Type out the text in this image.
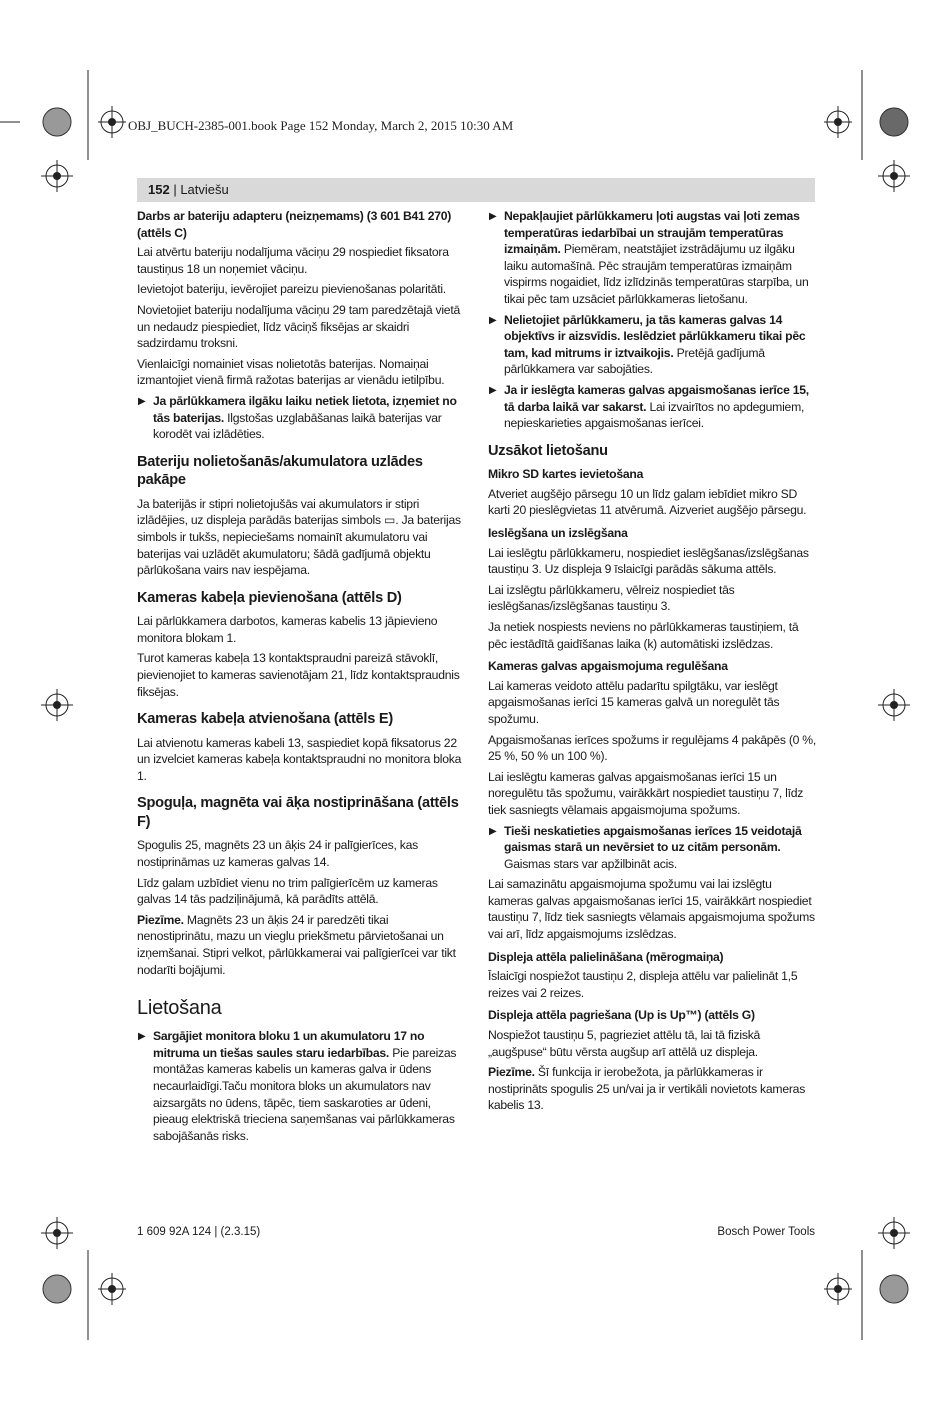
OBJ_BUCH-2385-001.book Page 152 Monday, March 2, 2015 10:30 AM
152 | Latviešu
Darbs ar bateriju adapteru (neizņemams) (3 601 B41 270) (attēls C)

Lai atvērtu bateriju nodalījuma vāciņu 29 nospiediet fiksatora taustiņus 18 un noņemiet vāciņu.

Ievietojot bateriju, ievērojiet pareizu pievienošanas polaritāti.

Novietojiet bateriju nodalījuma vāciņu 29 tam paredzētajā vietā un nedaudz piespiediet, līdz vāciņš fiksējas ar skaidri sadzirdamu troksni.

Vienlaicīgi nomainiet visas nolietotās baterijas. Nomaiņai izmantojiet vienā firmā ražotas baterijas ar vienādu ietilpību.

▶ Ja pārlūkkamera ilgāku laiku netiek lietota, izņemiet no tās baterijas. Ilgstošas uzglabāšanas laikā baterijas var korodēt vai izlādēties.

Bateriju nolietošanās/akumulatora uzlādes pakāpe

Ja baterijās ir stipri nolietojušās vai akumulators ir stipri izlādējies, uz displeja parādās baterijas simbols ▭. Ja baterijas simbols ir tukšs, nepieciešams nomainīt akumulatoru vai baterijas vai uzlādēt akumulatoru; šādā gadījumā objektu pārlūkošana vairs nav iespējama.

Kameras kabeļa pievienošana (attēls D)

Lai pārlūkkamera darbotos, kameras kabelis 13 jāpievieno monitora blokam 1.

Turot kameras kabeļa 13 kontaktspraudni pareizā stāvoklī, pievienojiet to kameras savienotājam 21, līdz kontaktspraudnis fiksējas.

Kameras kabeļa atvienošana (attēls E)

Lai atvienotu kameras kabeli 13, saspiediet kopā fiksatorus 22 un izvelciet kameras kabeļa kontaktspraudni no monitora bloka 1.

Spoguļa, magnēta vai āķa nostiprināšana (attēls F)

Spogulis 25, magnēts 23 un āķis 24 ir palīgierīces, kas nostiprināmas uz kameras galvas 14.

Līdz galam uzbīdiet vienu no trim palīgierīcēm uz kameras galvas 14 tās padziļinājumā, kā parādīts attēlā.

Piezīme. Magnēts 23 un āķis 24 ir paredzēti tikai nenostiprinātu, mazu un vieglu priekšmetu pārvietošanai un izņemšanai. Stipri velkot, pārlūkkamerai vai palīgierīcei var tikt nodarīti bojājumi.

Lietošana

▶ Sargājiet monitora bloku 1 un akumulatoru 17 no mitruma un tiešas saules staru iedarbības. Pie pareizas montāžas kameras kabelis un kameras galva ir ūdens necaurlaidīgi.Taču monitora bloks un akumulators nav aizsargāts no ūdens, tāpēc, tiem saskaroties ar ūdeni, pieaug elektriskā trieciena saņemšanas vai pārlūkkameras sabojāšanās risks.

▶ Nepakļaujiet pārlūkkameru ļoti augstas vai ļoti zemas temperatūras iedarbībai un straujām temperatūras izmaiņām. Piemēram, neatstājiet izstrādājumu uz ilgāku laiku automašīnā. Pēc straujām temperatūras izmaiņām vispirms nogaidiet, līdz izlīdzinās temperatūras starpība, un tikai pēc tam uzsāciet pārlūkkameras lietošanu.

▶ Nelietojiet pārlūkkameru, ja tās kameras galvas 14 objektīvs ir aizsvīdis. Ieslēdziet pārlūkkameru tikai pēc tam, kad mitrums ir iztvaikojis. Pretējā gadījumā pārlūkkamera var sabojāties.

▶ Ja ir ieslēgta kameras galvas apgaismošanas ierīce 15, tā darba laikā var sakarst. Lai izvairītos no apdegumiem, nepieskarieties apgaismošanas ierīcei.

Uzsākot lietošanu
Mikro SD kartes ievietošana

Atveriet augšējo pārsegu 10 un līdz galam iebīdiet mikro SD karti 20 pieslēgvietas 11 atvērumā. Aizveriet augšējo pārsegu.

Ieslēgšana un izslēgšana

Lai ieslēgtu pārlūkkameru, nospiediet ieslēgšanas/izslēgšanas taustiņu 3. Uz displeja 9 īslaicīgi parādās sākuma attēls.

Lai izslēgtu pārlūkkameru, vēlreiz nospiediet tās ieslēgšanas/izslēgšanas taustiņu 3.

Ja netiek nospiests neviens no pārlūkkameras taustiņiem, tā pēc iestādītā gaidīšanas laika (k) automātiski izslēdzas.

Kameras galvas apgaismojuma regulēšana

Lai kameras veidoto attēlu padarītu spilgtāku, var ieslēgt apgaismošanas ierīci 15 kameras galvā un noregulēt tās spožumu.

Apgaismošanas ierīces spožums ir regulējams 4 pakāpēs (0 %, 25 %, 50 % un 100 %).

Lai ieslēgtu kameras galvas apgaismošanas ierīci 15 un noregulētu tās spožumu, vairākkārt nospiediet taustiņu 7, līdz tiek sasniegts vēlamais apgaismojuma spožums.

▶ Tieši neskatieties apgaismošanas ierīces 15 veidotajā gaismas starā un nevērsiet to uz citām personām. Gaismas stars var apžilbināt acis.

Lai samazinātu apgaismojuma spožumu vai lai izslēgtu kameras galvas apgaismošanas ierīci 15, vairākkārt nospiediet taustiņu 7, līdz tiek sasniegts vēlamais apgaismojuma spožums vai arī, līdz apgaismojums izslēdzas.

Displeja attēla palielināšana (mērogmaiņa)

Īslaicīgi nospiežot taustiņu 2, displeja attēlu var palielināt 1,5 reizes vai 2 reizes.

Displeja attēla pagriešana (Up is Up™) (attēls G)

Nospiežot taustiņu 5, pagrieziet attēlu tā, lai tā fiziskā „augšpuse“ būtu vērsta augšup arī attēlā uz displeja.

Piezīme. Šī funkcija ir ierobežota, ja pārlūkkameras ir nostiprināts spogulis 25 un/vai ja ir vertikāli novietots kameras kabelis 13.

1 609 92A 124 | (2.3.15)	Bosch Power Tools
